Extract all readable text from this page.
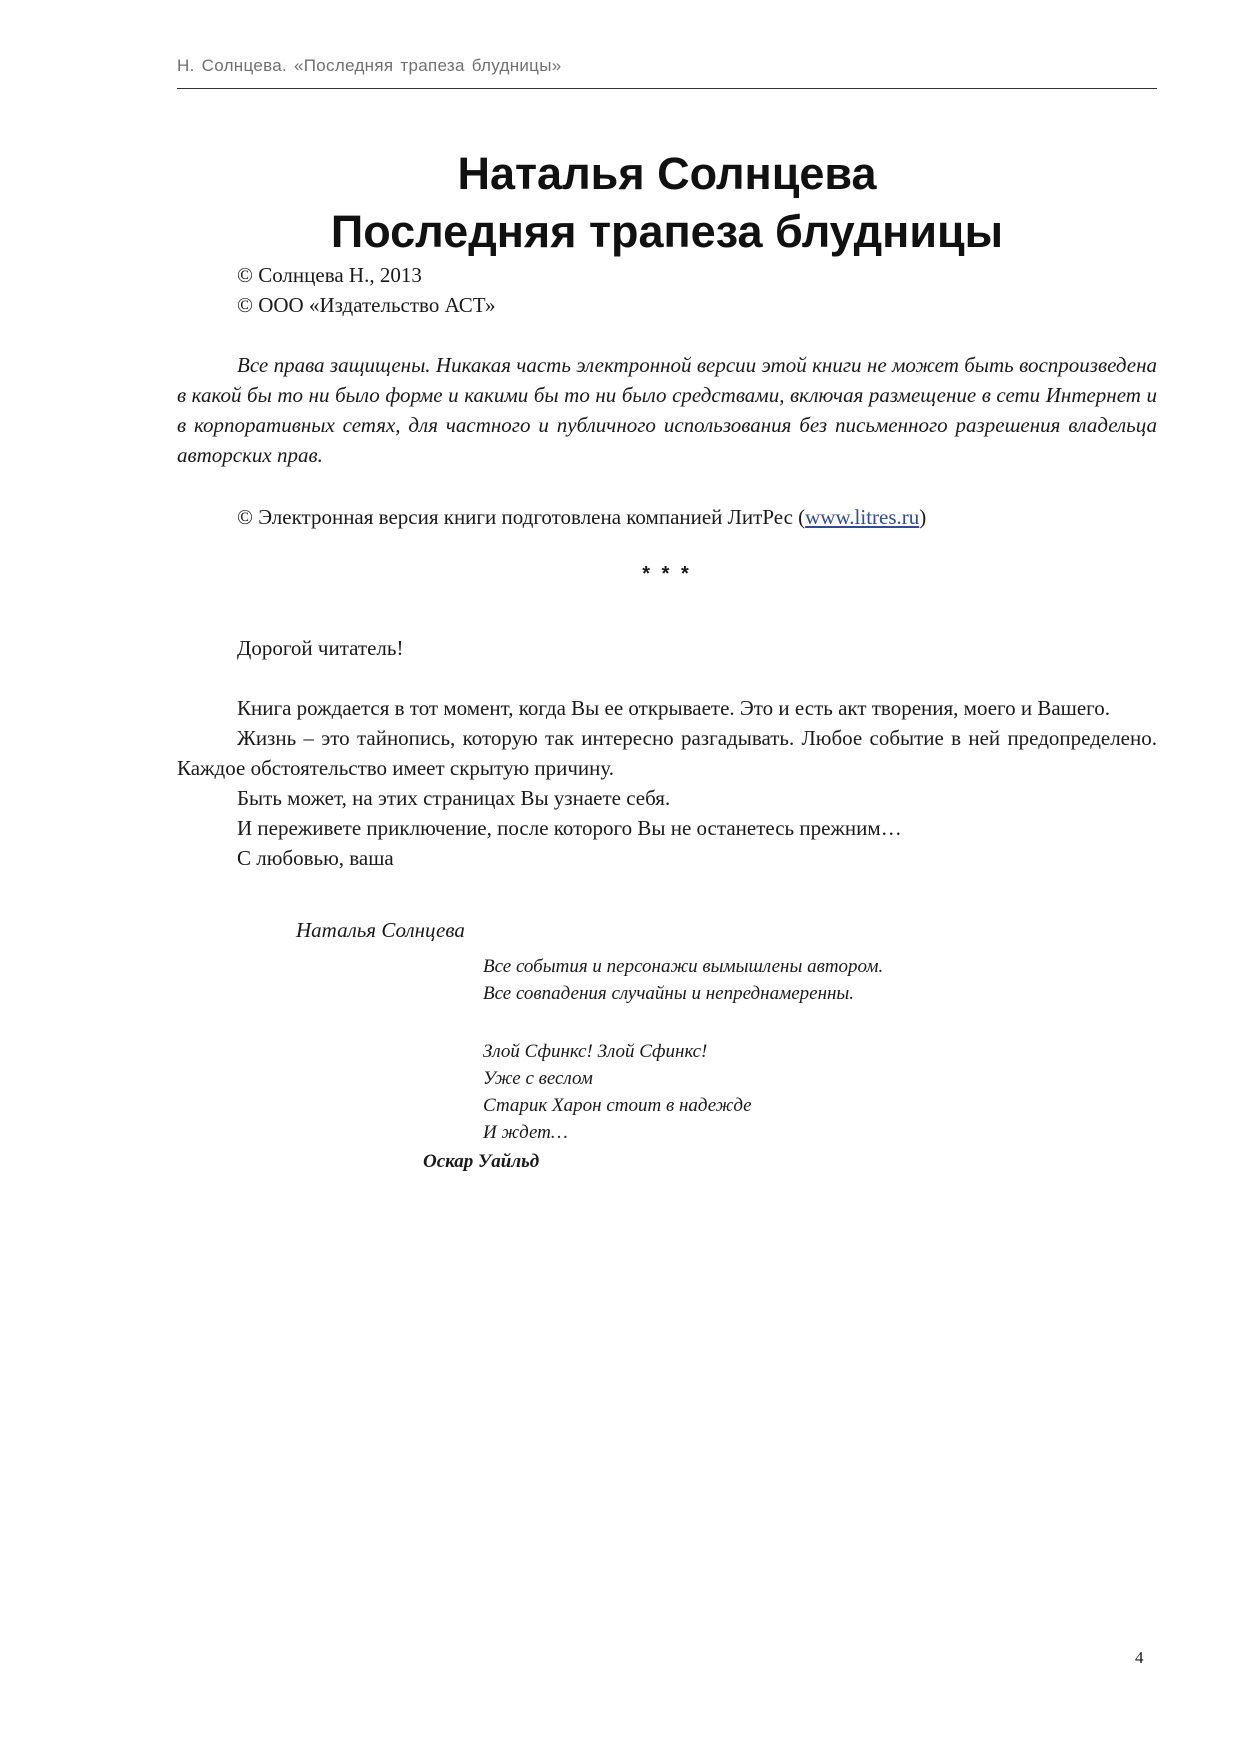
Н. Солнцева. «Последняя трапеза блудницы»
Наталья Солнцева
Последняя трапеза блудницы
© Солнцева Н., 2013
© ООО «Издательство АСТ»
Все права защищены. Никакая часть электронной версии этой книги не может быть воспроизведена в какой бы то ни было форме и какими бы то ни было средствами, включая размещение в сети Интернет и в корпоративных сетях, для частного и публичного использования без письменного разрешения владельца авторских прав.
© Электронная версия книги подготовлена компанией ЛитРес (www.litres.ru)
* * *
Дорогой читатель!

Книга рождается в тот момент, когда Вы ее открываете. Это и есть акт творения, моего и Вашего.

Жизнь – это тайнопись, которую так интересно разгадывать. Любое событие в ней предопределено. Каждое обстоятельство имеет скрытую причину.

Быть может, на этих страницах Вы узнаете себя.

И переживете приключение, после которого Вы не останетесь прежним…

С любовью, ваша

Наталья Солнцева
Все события и персонажи вымышлены автором.
Все совпадения случайны и непреднамеренны.
Злой Сфинкс! Злой Сфинкс!
Уже с веслом
Старик Харон стоит в надежде
И ждет…
Оскар Уайльд
4
